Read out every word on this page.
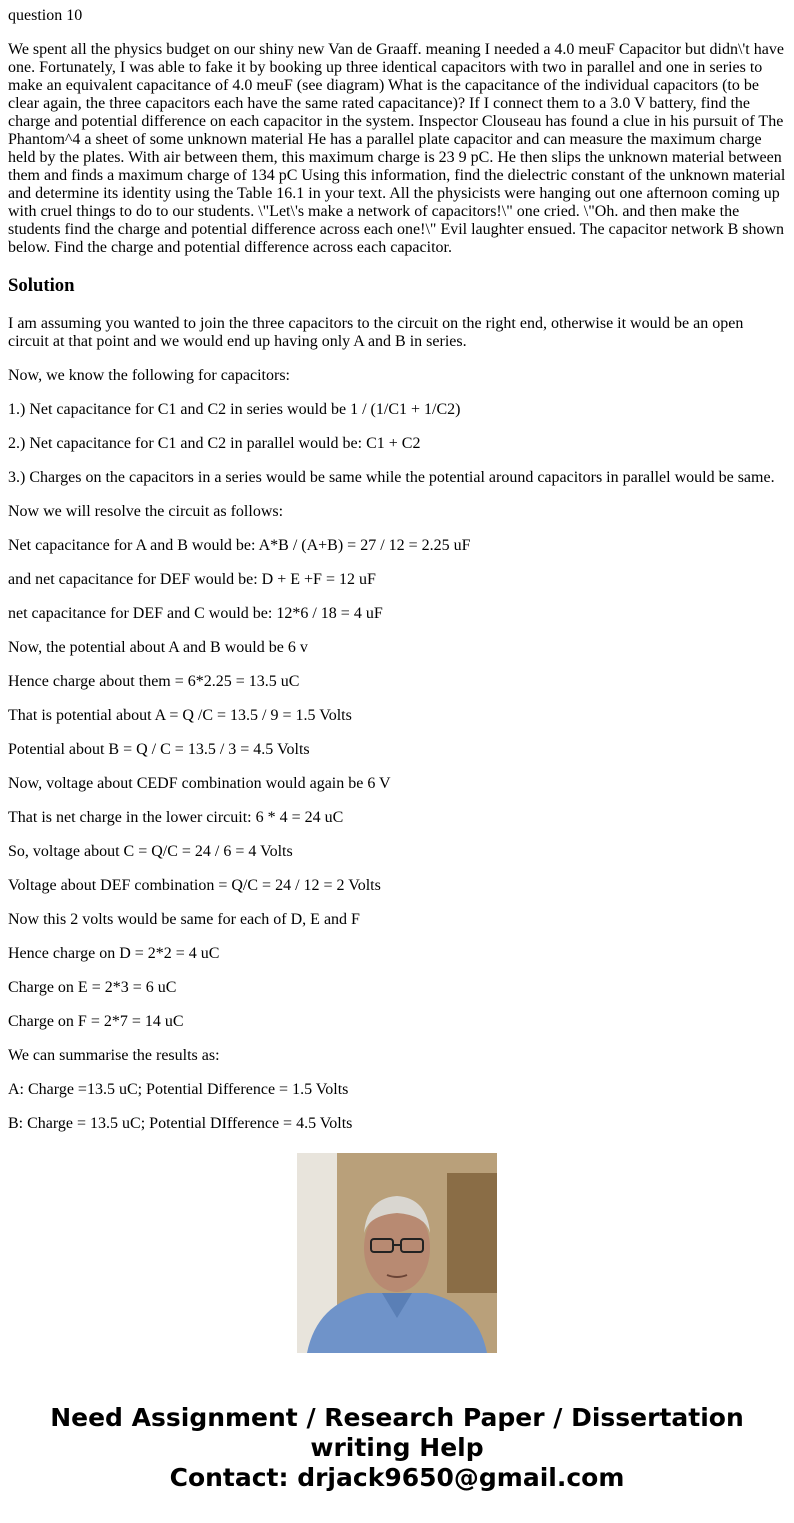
question 10

We spent all the physics budget on our shiny new Van de Graaff. meaning I needed a 4.0 meuF Capacitor but didn\'t have one. Fortunately, I was able to fake it by booking up three identical capacitors with two in parallel and one in series to make an equivalent capacitance of 4.0 meuF (see diagram) What is the capacitance of the individual capacitors (to be clear again, the three capacitors each have the same rated capacitance)? If I connect them to a 3.0 V battery, find the charge and potential difference on each capacitor in the system. Inspector Clouseau has found a clue in his pursuit of The Phantom^4 a sheet of some unknown material He has a parallel plate capacitor and can measure the maximum charge held by the plates. With air between them, this maximum charge is 23 9 pC. He then slips the unknown material between them and finds a maximum charge of 134 pC Using this information, find the dielectric constant of the unknown material and determine its identity using the Table 16.1 in your text. All the physicists were hanging out one afternoon coming up with cruel things to do to our students. \"Let\'s make a network of capacitors!\" one cried. \"Oh. and then make the students find the charge and potential difference across each one!\" Evil laughter ensued. The capacitor network B shown below. Find the charge and potential difference across each capacitor.

Solution

I am assuming you wanted to join the three capacitors to the circuit on the right end, otherwise it would be an open circuit at that point and we would end up having only A and B in series.

Now, we know the following for capacitors:

1.) Net capacitance for C1 and C2 in series would be 1 / (1/C1 + 1/C2)

2.) Net capacitance for C1 and C2 in parallel would be: C1 + C2

3.) Charges on the capacitors in a series would be same while the potential around capacitors in parallel would be same.

Now we will resolve the circuit as follows:

Net capacitance for A and B would be: A*B / (A+B) = 27 / 12 = 2.25 uF

and net capacitance for DEF would be: D + E +F = 12 uF

net capacitance for DEF and C would be: 12*6 / 18 = 4 uF

Now, the potential about A and B would be 6 v

Hence charge about them = 6*2.25 = 13.5 uC

That is potential about A = Q /C = 13.5 / 9 = 1.5 Volts

Potential about B = Q / C = 13.5 / 3 = 4.5 Volts

Now, voltage about CEDF combination would again be 6 V

That is net charge in the lower circuit: 6 * 4 = 24 uC

So, voltage about C = Q/C = 24 / 6 = 4 Volts

Voltage about DEF combination = Q/C = 24 / 12 = 2 Volts

Now this 2 volts would be same for each of D, E and F

Hence charge on D = 2*2 = 4 uC

Charge on E = 2*3 = 6 uC

Charge on F = 2*7 = 14 uC

We can summarise the results as:

A: Charge =13.5 uC; Potential Difference = 1.5 Volts

B: Charge = 13.5 uC; Potential DIfference = 4.5 Volts

Need Assignment / Research Paper / Dissertation
writing Help
Contact: drjack9650@gmail.com
